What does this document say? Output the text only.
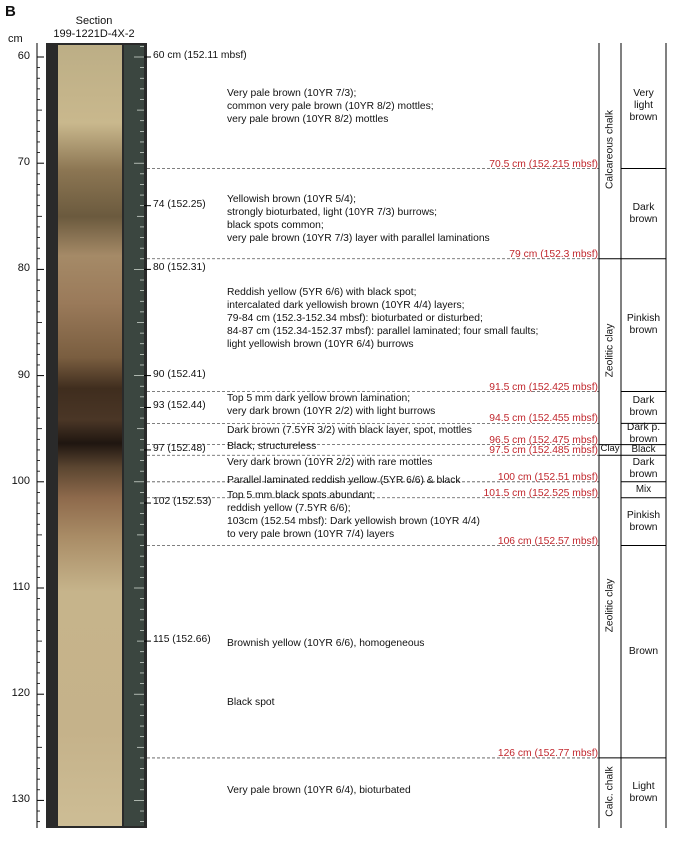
B
Section
199-1221D-4X-2
cm
60
70
80
90
100
110
120
130
60 cm (152.11 mbsf)
74 (152.25)
80 (152.31)
90 (152.41)
93 (152.44)
97 (152.48)
102 (152.53)
115 (152.66)
70.5 cm (152.215 mbsf)
79 cm (152.3 mbsf)
91.5 cm (152.425 mbsf)
94.5 cm (152.455 mbsf)
96.5 cm (152.475 mbsf)
97.5 cm (152.485 mbsf)
100 cm (152.51 mbsf)
101.5 cm (152.525 mbsf)
106 cm (152.57 mbsf)
126 cm (152.77 mbsf)
Very pale brown (10YR 7/3);
common very pale brown (10YR 8/2) mottles;
very pale brown (10YR 8/2) mottles
Yellowish brown (10YR 5/4);
strongly bioturbated, light (10YR 7/3) burrows;
black spots common;
very pale brown (10YR 7/3) layer with parallel laminations
Reddish yellow (5YR 6/6) with black spot;
intercalated dark yellowish brown (10YR 4/4) layers;
79-84 cm (152.3-152.34 mbsf): bioturbated or disturbed;
84-87 cm (152.34-152.37 mbsf): parallel laminated; four small faults;
light yellowish brown (10YR 6/4) burrows
Top 5 mm dark yellow brown lamination;
very dark brown (10YR 2/2) with light burrows
Dark brown (7.5YR 3/2) with black layer, spot, mottles
Black, structureless
Very dark brown (10YR 2/2) with rare mottles
Parallel laminated reddish yellow (5YR 6/6) & black
Top 5 mm black spots abundant;
reddish yellow (7.5YR 6/6);
103cm (152.54 mbsf): Dark yellowish brown (10YR 4/4)
to very pale brown (10YR 7/4) layers
Brownish yellow (10YR 6/6), homogeneous
Black spot
Very pale brown (10YR 6/4), bioturbated
Calcareous chalk
Zeolitic clay
Clay
Zeolitic clay
Calc. chalk
Very
light
brown
Dark
brown
Pinkish
brown
Dark
brown
Dark p.
brown
Black
Dark
brown
Mix
Pinkish
brown
Brown
Light
brown
